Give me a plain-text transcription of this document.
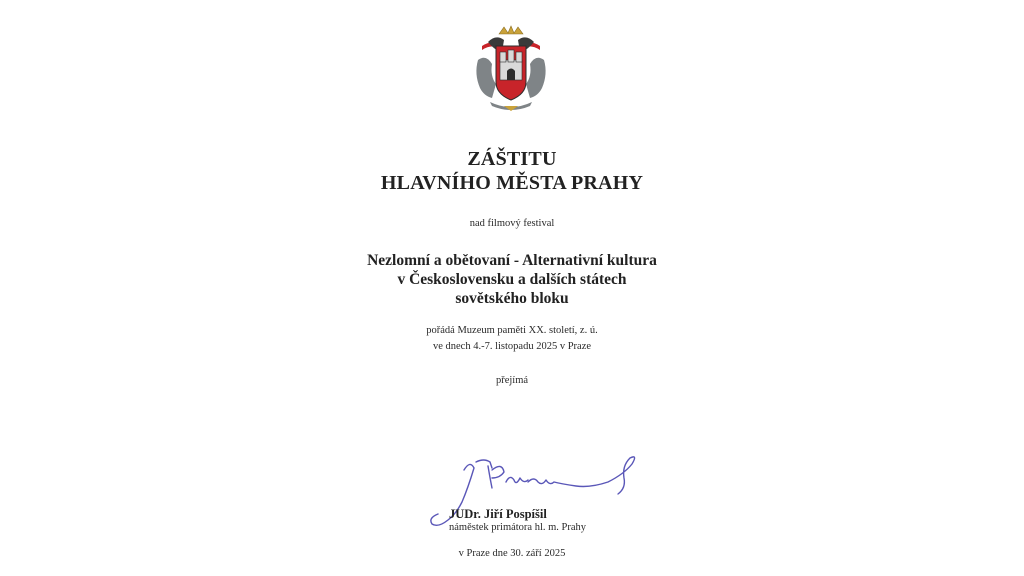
ZÁŠTITU
HLAVNÍHO MĚSTA PRAHY
nad filmový festival
Nezlomní a obětovaní - Alternativní kultura
v Československu a dalších státech
sovětského bloku
pořádá Muzeum paměti XX. století, z. ú.
ve dnech 4.-7. listopadu 2025 v Praze
přejímá
JUDr. Jiří Pospíšil
náměstek primátora hl. m. Prahy
v Praze dne 30. září 2025
